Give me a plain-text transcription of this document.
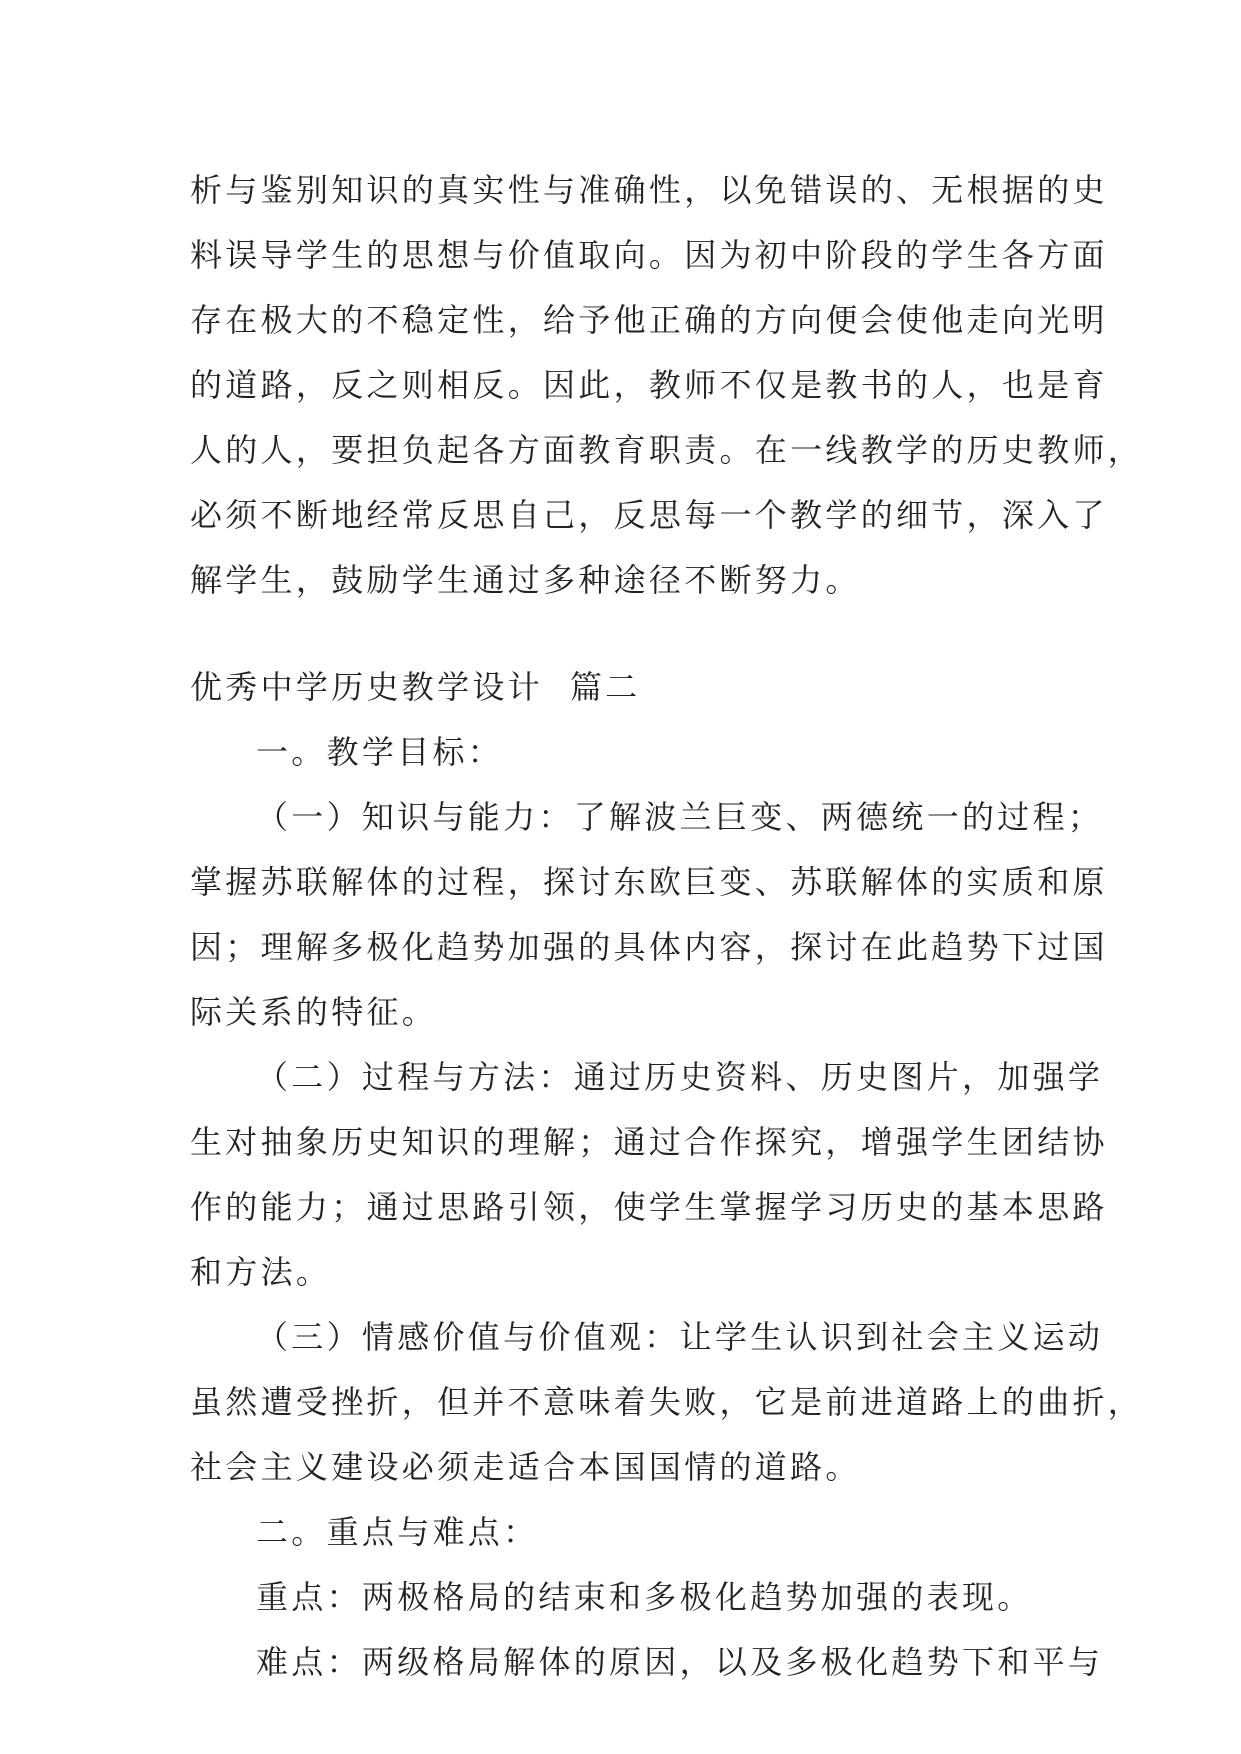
析与鉴别知识的真实性与准确性，以免错误的、无根据的史
料误导学生的思想与价值取向。因为初中阶段的学生各方面
存在极大的不稳定性，给予他正确的方向便会使他走向光明
的道路，反之则相反。因此，教师不仅是教书的人，也是育
人的人，要担负起各方面教育职责。在一线教学的历史教师，
必须不断地经常反思自己，反思每一个教学的细节，深入了
解学生，鼓励学生通过多种途径不断努力。
优秀中学历史教学设计  篇二
一。教学目标：
（一）知识与能力：了解波兰巨变、两德统一的过程；
掌握苏联解体的过程，探讨东欧巨变、苏联解体的实质和原
因；理解多极化趋势加强的具体内容，探讨在此趋势下过国
际关系的特征。
（二）过程与方法：通过历史资料、历史图片，加强学
生对抽象历史知识的理解；通过合作探究，增强学生团结协
作的能力；通过思路引领，使学生掌握学习历史的基本思路
和方法。
（三）情感价值与价值观：让学生认识到社会主义运动
虽然遭受挫折，但并不意味着失败，它是前进道路上的曲折，
社会主义建设必须走适合本国国情的道路。
二。重点与难点：
重点：两极格局的结束和多极化趋势加强的表现。
难点：两级格局解体的原因，以及多极化趋势下和平与
